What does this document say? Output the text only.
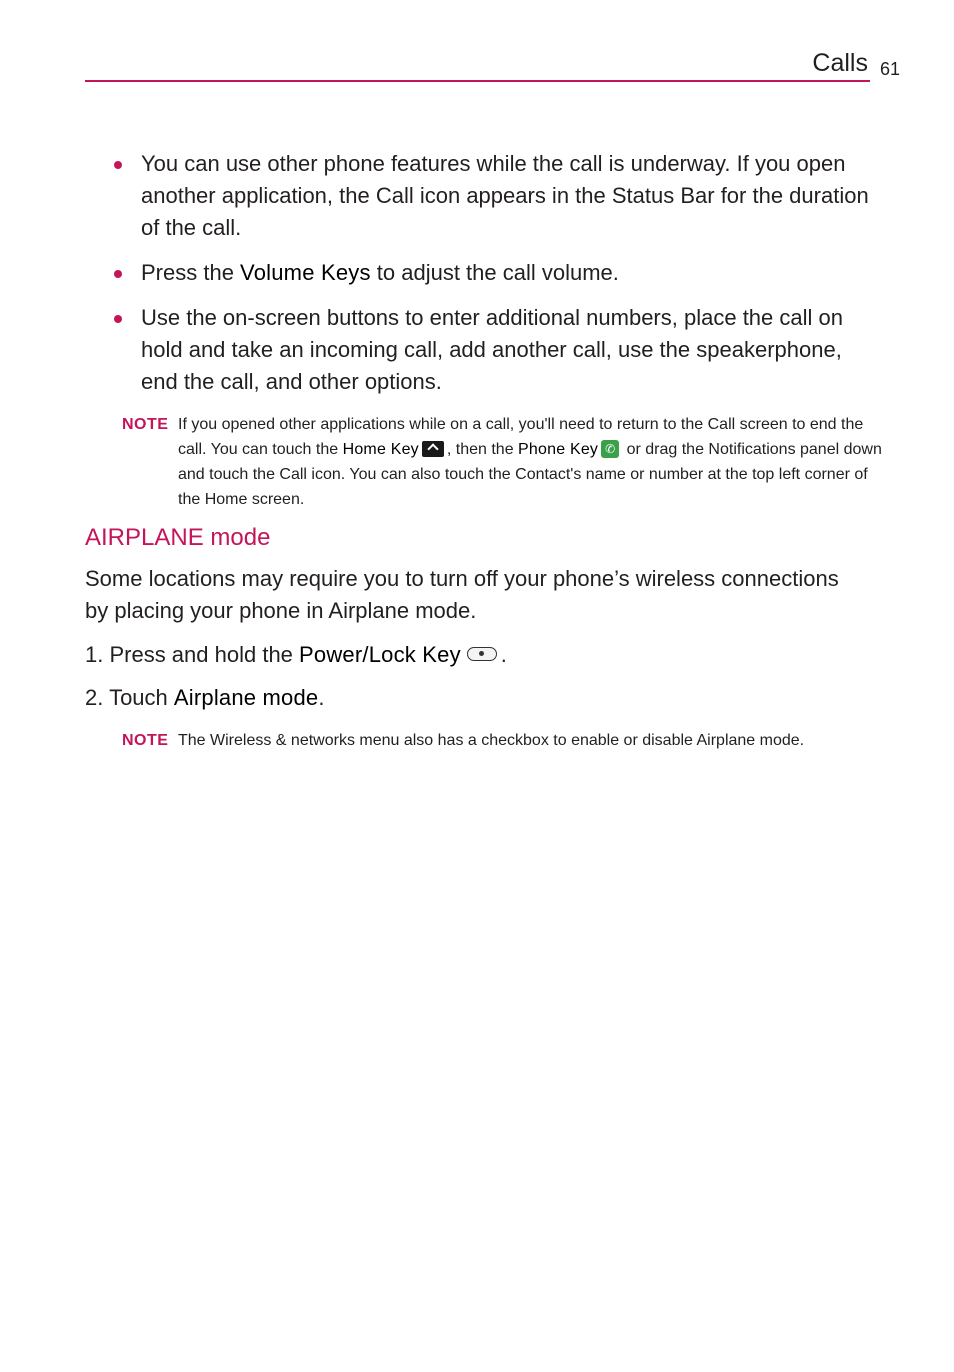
Calls 61
You can use other phone features while the call is underway. If you open another application, the Call icon appears in the Status Bar for the duration of the call.
Press the Volume Keys to adjust the call volume.
Use the on-screen buttons to enter additional numbers, place the call on hold and take an incoming call, add another call, use the speakerphone, end the call, and other options.
NOTE If you opened other applications while on a call, you'll need to return to the Call screen to end the call. You can touch the Home Key , then the Phone Key ✆ or drag the Notifications panel down and touch the Call icon. You can also touch the Contact's name or number at the top left corner of the Home screen.
AIRPLANE mode
Some locations may require you to turn off your phone’s wireless connections by placing your phone in Airplane mode.
1. Press and hold the Power/Lock Key .
2. Touch Airplane mode.
NOTE The Wireless & networks menu also has a checkbox to enable or disable Airplane mode.
